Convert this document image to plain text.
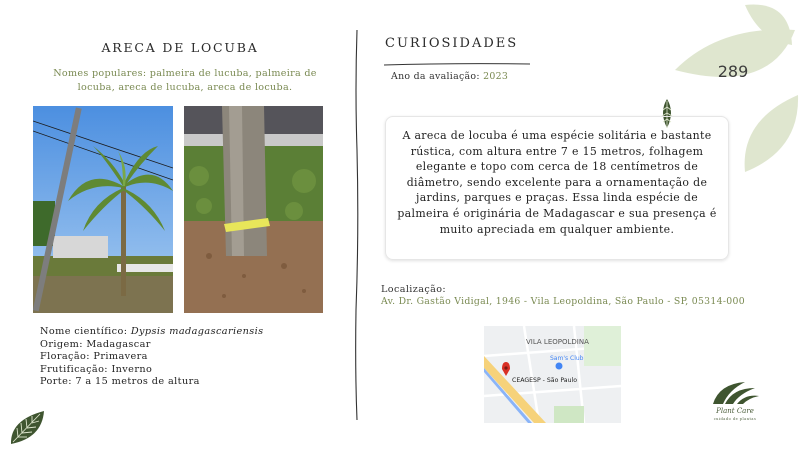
ARECA DE LOCUBA
Nomes populares: palmeira de lucuba, palmeira de locuba, areca de lucuba, areca de locuba.
Nome científico: Dypsis madagascariensis
Origem: Madagascar
Floração: Primavera
Frutificação: Inverno
Porte: 7 a 15 metros de altura
CURIOSIDADES
Ano da avaliação: 2023

A areca de locuba é uma espécie solitária e bastante rústica, com altura entre 7 e 15 metros, folhagem elegante e topo com cerca de 18 centímetros de diâmetro, sendo excelente para a ornamentação de jardins, parques e praças. Essa linda espécie de palmeira é originária de Madagascar e sua presença é muito apreciada em qualquer ambiente.

Localização:
Av. Dr. Gastão Vidigal, 1946 - Vila Leopoldina, São Paulo - SP, 05314-000
VILA LEOPOLDINA
Sam's Club
CEAGESP - São Paulo
289
Plant Care
cuidado de plantas
